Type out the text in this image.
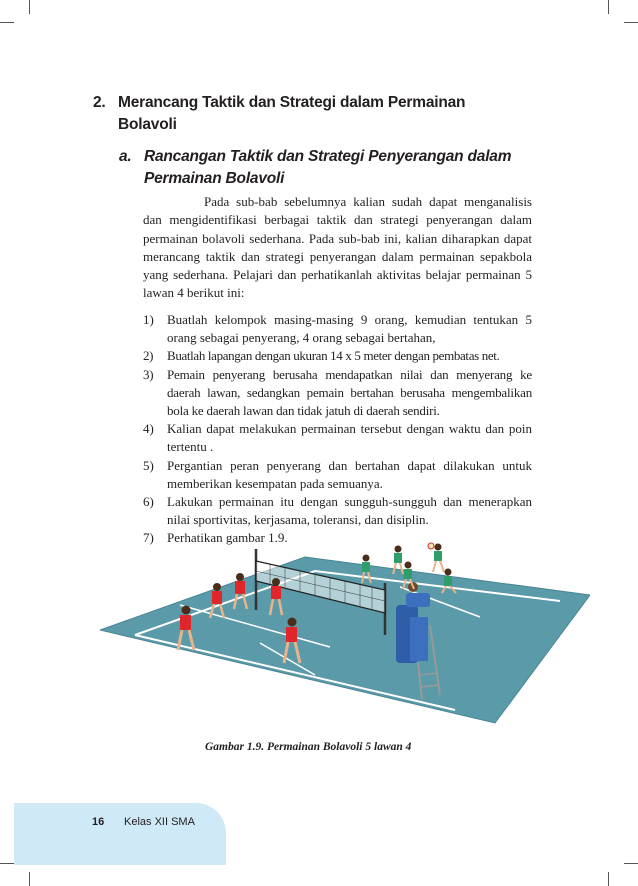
2. Merancang Taktik dan Strategi dalam Permainan Bolavoli
a. Rancangan Taktik dan Strategi Penyerangan dalam Permainan Bolavoli

Pada sub-bab sebelumnya kalian sudah dapat menganalisis dan mengidentifikasi berbagai taktik dan strategi penyerangan dalam permainan bolavoli sederhana. Pada sub-bab ini, kalian diharapkan dapat merancang taktik dan strategi penyerangan dalam permainan sepakbola yang sederhana. Pelajari dan perhatikanlah aktivitas belajar permainan 5 lawan 4 berikut ini:

1) Buatlah kelompok masing-masing 9 orang, kemudian tentukan 5 orang sebagai penyerang, 4 orang sebagai bertahan,
2) Buatlah lapangan dengan ukuran 14 x 5 meter dengan pembatas net.
3) Pemain penyerang berusaha mendapatkan nilai dan menyerang ke daerah lawan, sedangkan pemain bertahan berusaha mengembalikan bola ke daerah lawan dan tidak jatuh di daerah sendiri.
4) Kalian dapat melakukan permainan tersebut dengan waktu dan poin tertentu .
5) Pergantian peran penyerang dan bertahan dapat dilakukan untuk memberikan kesempatan pada semuanya.
6) Lakukan permainan itu dengan sungguh-sungguh dan menerapkan nilai sportivitas, kerjasama, toleransi, dan disiplin.
7) Perhatikan gambar 1.9.
Gambar 1.9. Permainan Bolavoli 5 lawan 4
16 Kelas XII SMA
